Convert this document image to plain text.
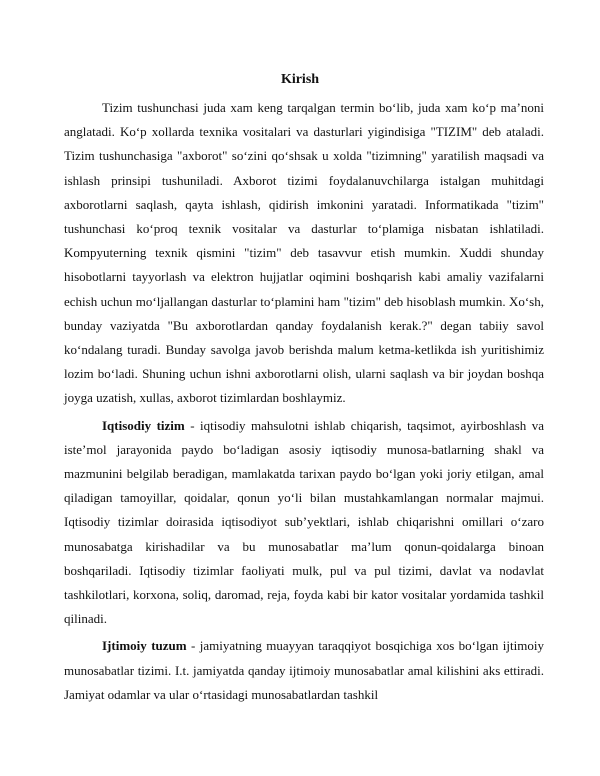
Kirish

Tizim tushunchasi juda xam keng tarqalgan termin bo‘lib, juda xam ko‘p ma’noni anglatadi. Ko‘p xollarda texnika vositalari va dasturlari yigindisiga "TIZIM" deb ataladi. Tizim tushunchasiga "axborot" so‘zini qo‘shsak u xolda "tizimning" yaratilish maqsadi va ishlash prinsipi tushuniladi. Axborot tizimi foydalanuvchilarga istalgan muhitdagi axborotlarni saqlash, qayta ishlash, qidirish imkonini yaratadi. Informatikada "tizim" tushunchasi ko‘proq texnik vositalar va dasturlar to‘plamiga nisbatan ishlatiladi. Kompyuterning texnik qismini "tizim" deb tasavvur etish mumkin. Xuddi shunday hisobotlarni tayyorlash va elektron hujjatlar oqimini boshqarish kabi amaliy vazifalarni echish uchun mo‘ljallangan dasturlar to‘plamini ham "tizim" deb hisoblash mumkin. Xo‘sh, bunday vaziyatda "Bu axborotlardan qanday foydalanish kerak.?" degan tabiiy savol ko‘ndalang turadi. Bunday savolga javob berishda malum ketma-ketlikda ish yuritishimiz lozim bo‘ladi. Shuning uchun ishni axborotlarni olish, ularni saqlash va bir joydan boshqa joyga uzatish, xullas, axborot tizimlardan boshlaymiz.

Iqtisodiy tizim - iqtisodiy mahsulotni ishlab chiqarish, taqsimot, ayirboshlash va iste’mol jarayonida paydo bo‘ladigan asosiy iqtisodiy munosa-batlarning shakl va mazmunini belgilab beradigan, mamlakatda tarixan paydo bo‘lgan yoki joriy etilgan, amal qiladigan tamoyillar, qoidalar, qonun yo‘li bilan mustahkamlangan normalar majmui. Iqtisodiy tizimlar doirasida iqtisodiyot sub’yektlari, ishlab chiqarishni omillari o‘zaro munosabatga kirishadilar va bu munosabatlar ma’lum qonun-qoidalarga binoan boshqariladi. Iqtisodiy tizimlar faoliyati mulk, pul va pul tizimi, davlat va nodavlat tashkilotlari, korxona, soliq, daromad, reja, foyda kabi bir kator vositalar yordamida tashkil qilinadi.

Ijtimoiy tuzum - jamiyatning muayyan taraqqiyot bosqichiga xos bo‘lgan ijtimoiy munosabatlar tizimi. I.t. jamiyatda qanday ijtimoiy munosabatlar amal kilishini aks ettiradi. Jamiyat odamlar va ular o‘rtasidagi munosabatlardan tashkil
